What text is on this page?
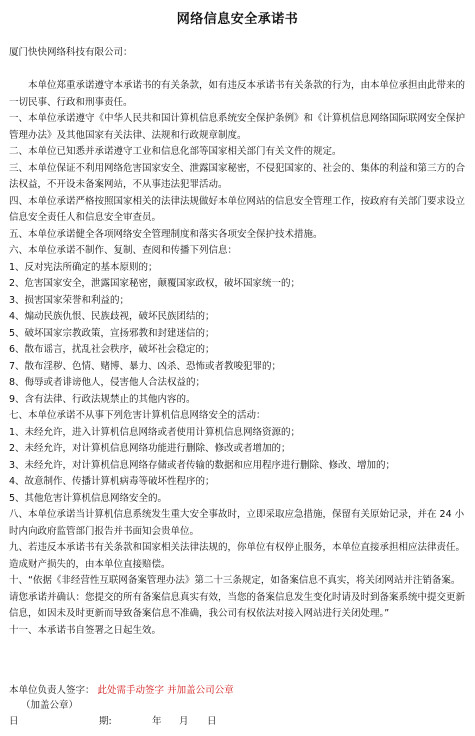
网络信息安全承诺书
厦门快快网络科技有限公司：

本单位郑重承诺遵守本承诺书的有关条款，如有违反本承诺书有关条款的行为，由本单位承担由此带来的一切民事、行政和刑事责任。

一、本单位承诺遵守《中华人民共和国计算机信息系统安全保护条例》和《计算机信息网络国际联网安全保护管理办法》及其他国家有关法律、法规和行政规章制度。

二、本单位已知悉并承诺遵守工业和信息化部等国家相关部门有关文件的规定。

三、本单位保证不利用网络危害国家安全、泄露国家秘密，不侵犯国家的、社会的、集体的利益和第三方的合法权益，不开设未备案网站，不从事违法犯罪活动。

四、本单位承诺严格按照国家相关的法律法规做好本单位网站的信息安全管理工作，按政府有关部门要求设立信息安全责任人和信息安全审查员。

五、本单位承诺健全各项网络安全管理制度和落实各项安全保护技术措施。

六、本单位承诺不制作、复制、查阅和传播下列信息：

1、反对宪法所确定的基本原则的；

2、危害国家安全，泄露国家秘密，颠覆国家政权，破坏国家统一的；

3、损害国家荣誉和利益的；

4、煽动民族仇恨、民族歧视，破坏民族团结的；

5、破坏国家宗教政策，宣扬邪教和封建迷信的；

6、散布谣言，扰乱社会秩序，破坏社会稳定的；

7、散布淫秽、色情、赌博、暴力、凶杀、恐怖或者教唆犯罪的；

8、侮辱或者诽谤他人，侵害他人合法权益的；

9、含有法律、行政法规禁止的其他内容的。

七、本单位承诺不从事下列危害计算机信息网络安全的活动：

1、未经允许，进入计算机信息网络或者使用计算机信息网络资源的；

2、未经允许，对计算机信息网络功能进行删除、修改或者增加的；

3、未经允许，对计算机信息网络存储或者传输的数据和应用程序进行删除、修改、增加的；

4、故意制作、传播计算机病毒等破坏性程序的；

5、其他危害计算机信息网络安全的。

八、本单位承诺当计算机信息系统发生重大安全事故时，立即采取应急措施，保留有关原始记录，并在 24 小时内向政府监管部门报告并书面知会贵单位。

九、若违反本承诺书有关条款和国家相关法律法规的，你单位有权停止服务，本单位直接承担相应法律责任。造成财产损失的，由本单位直接赔偿。

十、“依据《非经营性互联网备案管理办法》第二十三条规定，如备案信息不真实，将关闭网站并注销备案。请您承诺并确认：您提交的所有备案信息真实有效，当您的备案信息发生变化时请及时到备案系统中提交更新信息，如因未及时更新而导致备案信息不准确，我公司有权依法对接入网站进行关闭处理。”

十一、本承诺书自签署之日起生效。

本单位负责人签字： 此处需手动签字 并加盖公司公章
（加盖公章）
日	期:	年 月 日
